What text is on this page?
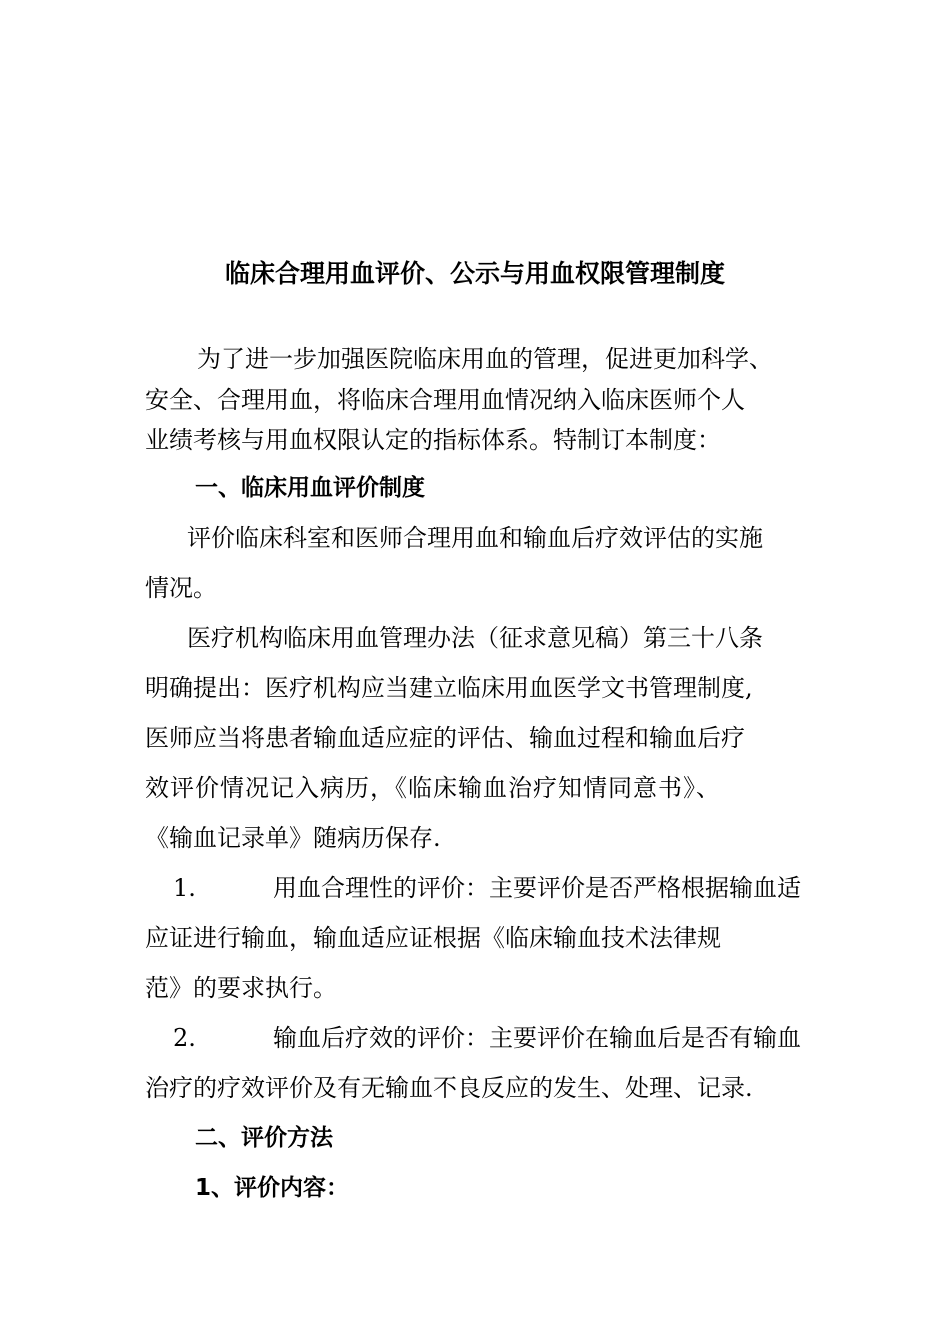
临床合理用血评价、公示与用血权限管理制度

为了进一步加强医院临床用血的管理，促进更加科学、

安全、合理用血，将临床合理用血情况纳入临床医师个人

业绩考核与用血权限认定的指标体系。特制订本制度：

一、临床用血评价制度

评价临床科室和医师合理用血和输血后疗效评估的实施

情况。

医疗机构临床用血管理办法（征求意见稿）第三十八条

明确提出：医疗机构应当建立临床用血医学文书管理制度,

医师应当将患者输血适应症的评估、输血过程和输血后疗

效评价情况记入病历，《临床输血治疗知情同意书》、

《输血记录单》随病历保存.

1.	用血合理性的评价：主要评价是否严格根据输血适

应证进行输血，输血适应证根据《临床输血技术法律规

范》的要求执行。

2.	输血后疗效的评价：主要评价在输血后是否有输血

治疗的疗效评价及有无输血不良反应的发生、处理、记录.

二、评价方法

1、评价内容：
